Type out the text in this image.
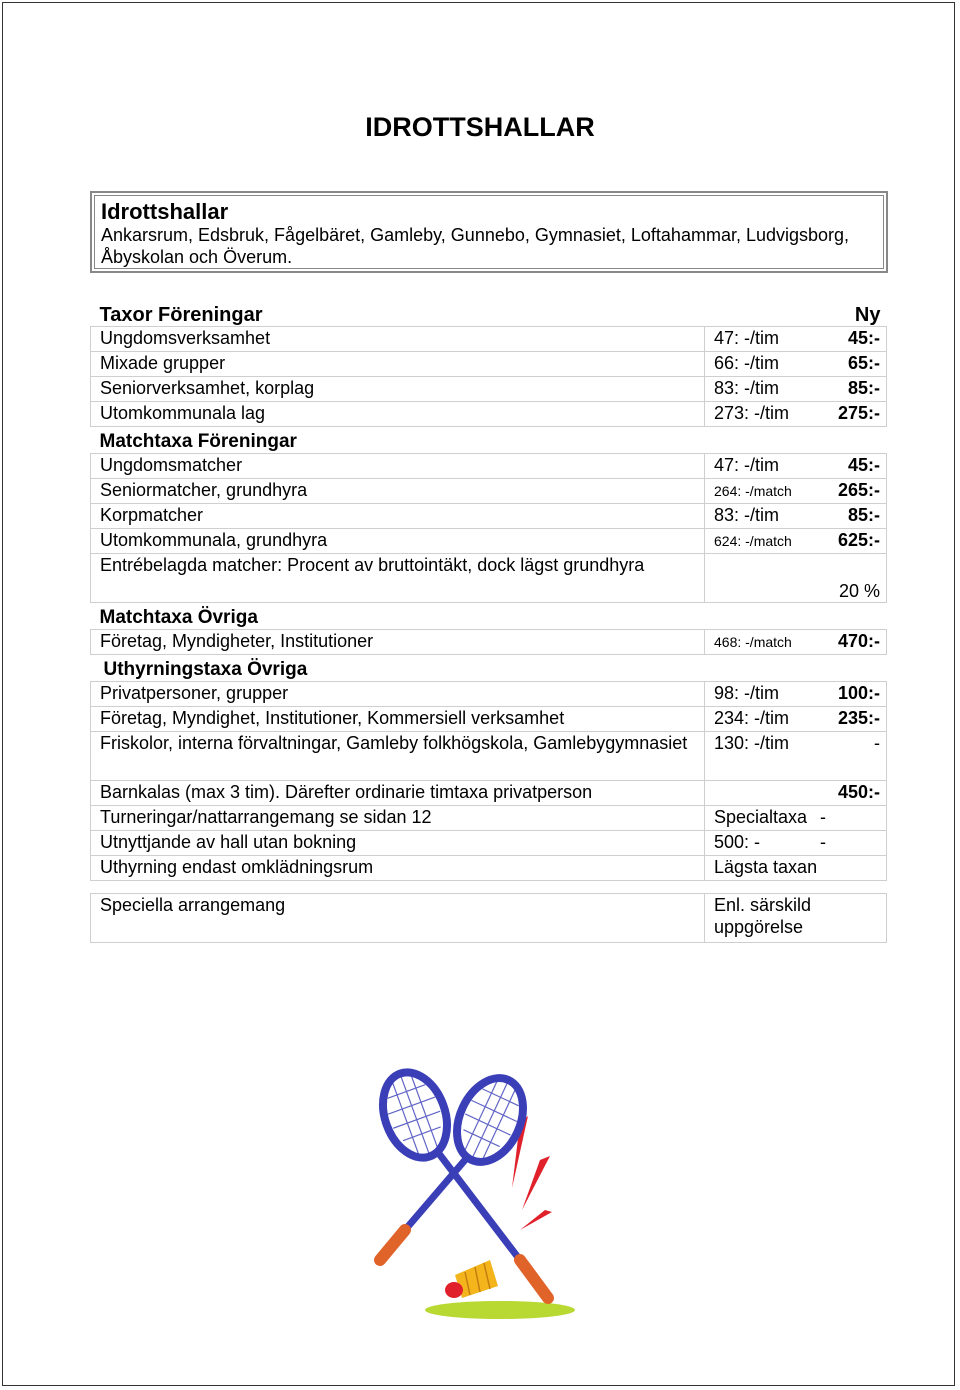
IDROTTSHALLAR
Idrottshallar
Ankarsrum, Edsbruk, Fågelbäret, Gamleby, Gunnebo, Gymnasiet, Loftahammar, Ludvigsborg, Åbyskolan och Överum.
Taxor Föreningar	Ny
Ungdomsverksamhet	47: -/tim 45:-
Mixade grupper	66: -/tim 65:-
Seniorverksamhet, korplag	83: -/tim 85:-
Utomkommunala lag	273: -/tim 275:-
Matchtaxa Föreningar	
Ungdomsmatcher	47: -/tim 45:-
Seniormatcher, grundhyra	264: -/match 265:-
Korpmatcher	83: -/tim 85:-
Utomkommunala, grundhyra	624: -/match 625:-
Entrébelagda matcher: Procent av bruttointäkt, dock lägst grundhyra	20 %
Matchtaxa Övriga	
Företag, Myndigheter, Institutioner	468: -/match 470:-
Uthyrningstaxa Övriga	
Privatpersoner, grupper	98: -/tim 100:-
Företag, Myndighet, Institutioner, Kommersiell verksamhet	234: -/tim 235:-
Friskolor, interna förvaltningar, Gamleby folkhögskola, Gamlebygymnasiet	130: -/tim -
Barnkalas (max 3 tim). Därefter ordinarie timtaxa privatperson	450:-
Turneringar/nattarrangemang se sidan 12	Specialtaxa -
Utnyttjande av hall utan bokning	500: - -
Uthyrning endast omklädningsrum	Lägsta taxan

Speciella arrangemang	Enl. särskild uppgörelse
